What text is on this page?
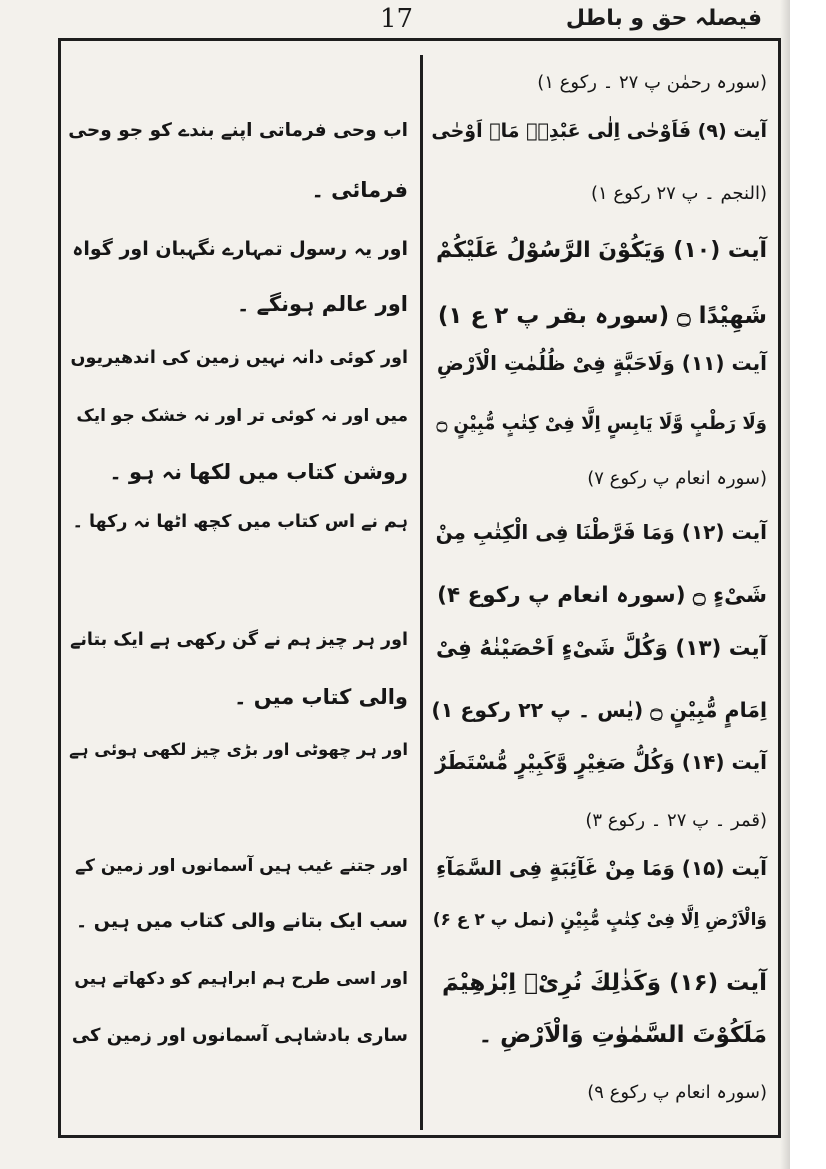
17	فیصلہ حق و باطل
(سورہ رحمٰن پ ۲۷ ۔ رکوع ۱)
آیت (۹) فَاَوْحٰی اِلٰی عَبْدِہٖ مَاۤ اَوْحٰی
(النجم ۔ پ ۲۷ رکوع ۱)
آیت (۱۰) وَیَکُوْنَ الرَّسُوْلُ عَلَیْکُمْ
شَهِیْدًا ۝ (سورہ بقر پ ۲ ع ۱)
آیت (۱۱) وَلَاحَبَّةٍ فِیْ ظُلُمٰتِ الْاَرْضِ
وَلَا رَطْبٍ وَّلَا یَابِسٍ اِلَّا فِیْ كِتٰبٍ مُّبِیْنٍ ۝
(سورہ انعام پ رکوع ۷)
آیت (۱۲) وَمَا فَرَّطْنَا فِی الْكِتٰبِ مِنْ
شَیْءٍ ۝ (سورہ انعام پ رکوع ۴)
آیت (۱۳) وَكُلَّ شَیْءٍ اَحْصَیْنٰهُ فِیْ
اِمَامٍ مُّبِیْنٍ ۝ (یٰس ۔ پ ۲۲ رکوع ۱)
آیت (۱۴) وَكُلُّ صَغِیْرٍ وَّكَبِیْرٍ مُّسْتَطَرٌ
(قمر ۔ پ ۲۷ ۔ رکوع ۳)
آیت (۱۵) وَمَا مِنْ غَآئِبَةٍ فِی السَّمَآءِ
وَالْاَرْضِ اِلَّا فِیْ كِتٰبٍ مُّبِیْنٍ (نمل پ ۲ ع ۶)
آیت (۱۶) وَكَذٰلِكَ نُرِیْۤ اِبْرٰهِیْمَ
مَلَكُوْتَ السَّمٰوٰتِ وَالْاَرْضِ ۔
(سورہ انعام پ رکوع ۹)
اب وحی فرماتی اپنے بندے کو جو وحی
فرمائی ۔
اور یہ رسول تمہارے نگہبان اور گواہ
اور عالم ہونگے ۔
اور کوئی دانہ نہیں زمین کی اندھیریوں
میں اور نہ کوئی تر اور نہ خشک جو ایک
روشن کتاب میں لکھا نہ ہو ۔
ہم نے اس کتاب میں کچھ اٹھا نہ رکھا ۔
اور ہر چیز ہم نے گن رکھی ہے ایک بتانے
والی کتاب میں ۔
اور ہر چھوٹی اور بڑی چیز لکھی ہوئی ہے
اور جتنے غیب ہیں آسمانوں اور زمین کے
سب ایک بتانے والی کتاب میں ہیں ۔
اور اسی طرح ہم ابراہیم کو دکھاتے ہیں
ساری بادشاہی آسمانوں اور زمین کی
